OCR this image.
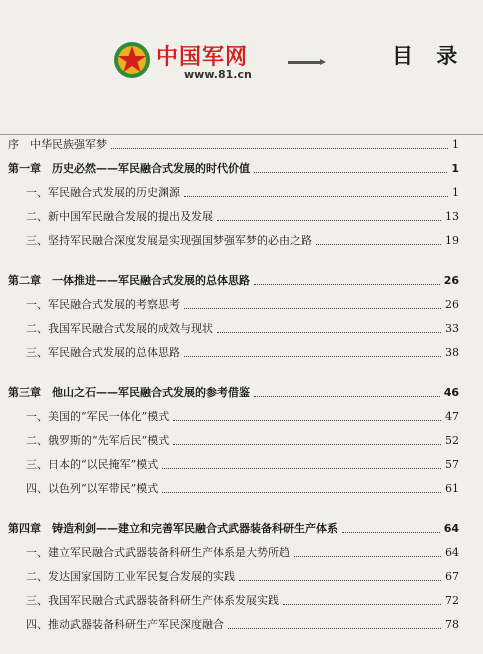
中国军网
www.81.cn
目 录
序　中华民族强军梦	1
第一章　历史必然——军民融合式发展的时代价值	1
一、军民融合式发展的历史渊源	1
二、新中国军民融合发展的提出及发展	13
三、坚持军民融合深度发展是实现强国梦强军梦的必由之路	19
第二章　一体推进——军民融合式发展的总体思路	26
一、军民融合式发展的考察思考	26
二、我国军民融合式发展的成效与现状	33
三、军民融合式发展的总体思路	38
第三章　他山之石——军民融合式发展的参考借鉴	46
一、美国的“军民一体化”模式	47
二、俄罗斯的“先军后民”模式	52
三、日本的“以民掩军”模式	57
四、以色列“以军带民”模式	61
第四章　铸造利剑——建立和完善军民融合式武器装备科研生产体系	64
一、建立军民融合式武器装备科研生产体系是大势所趋	64
二、发达国家国防工业军民复合发展的实践	67
三、我国军民融合式武器装备科研生产体系发展实践	72
四、推动武器装备科研生产军民深度融合	78
